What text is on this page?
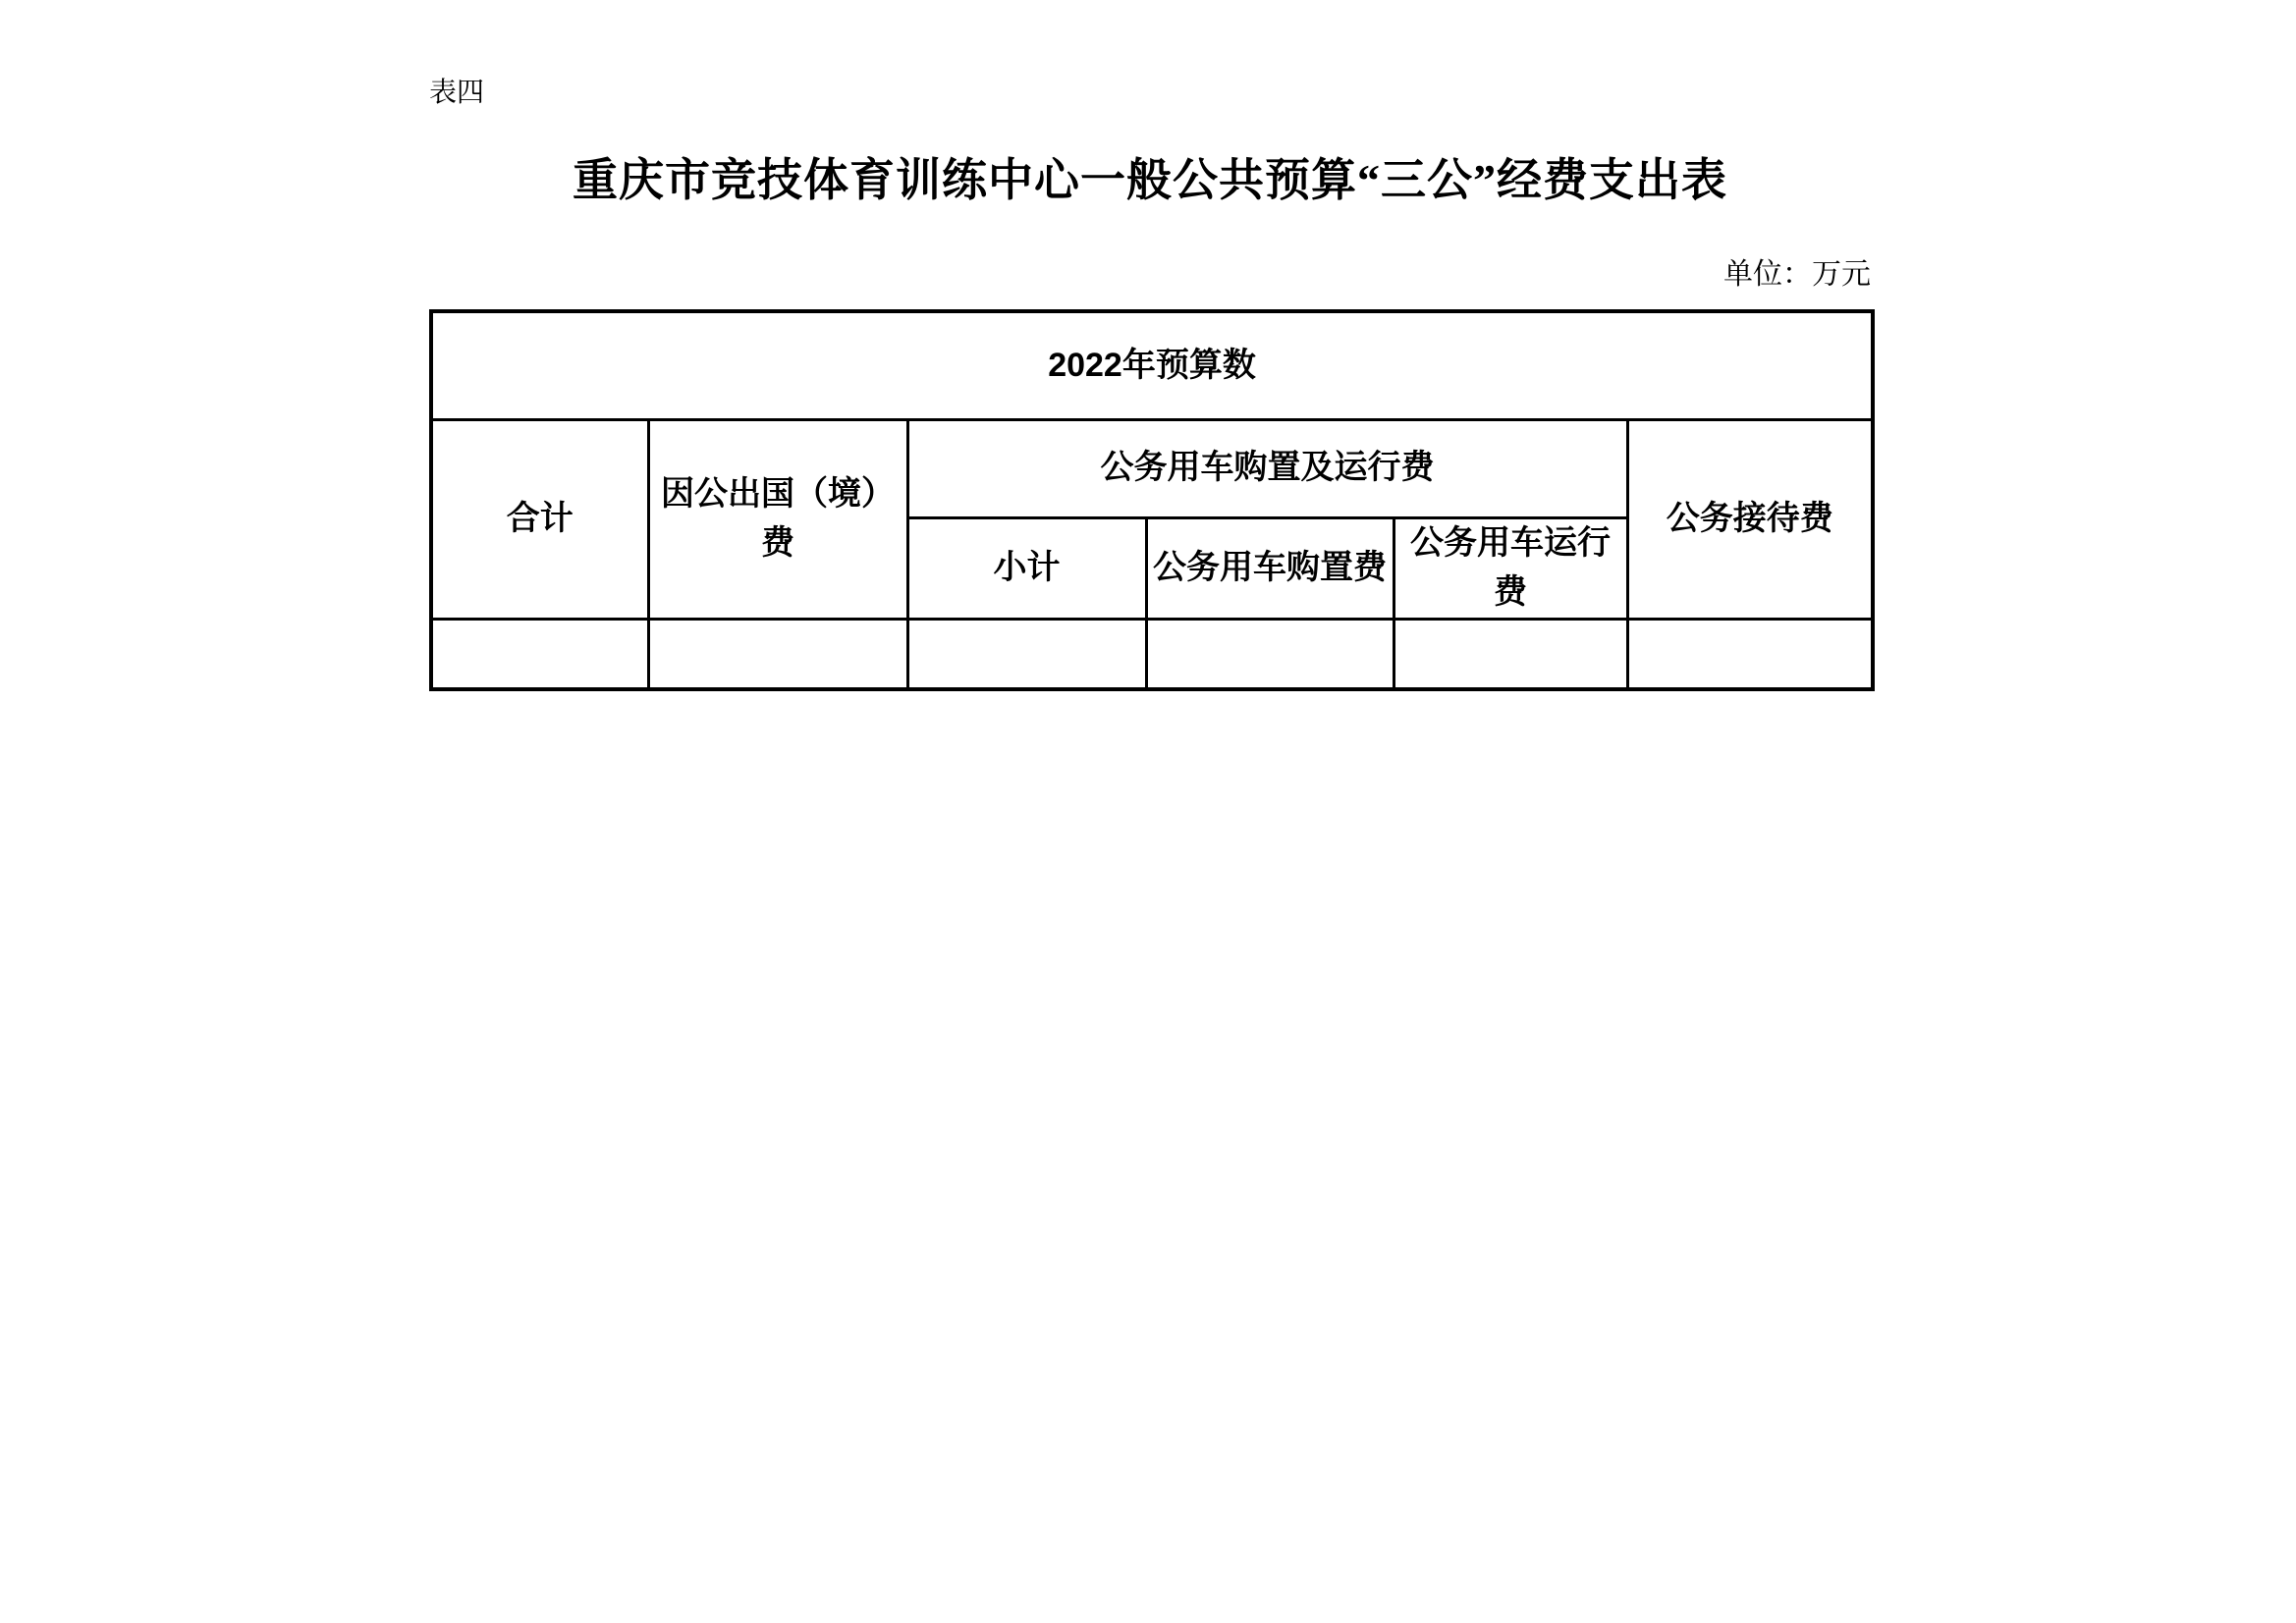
表四
重庆市竞技体育训练中心一般公共预算“三公”经费支出表
单位：万元
2022年预算数					
合计	因公出国（境）费	公务用车购置及运行费			公务接待费
		小计	公务用车购置费	公务用车运行费	
